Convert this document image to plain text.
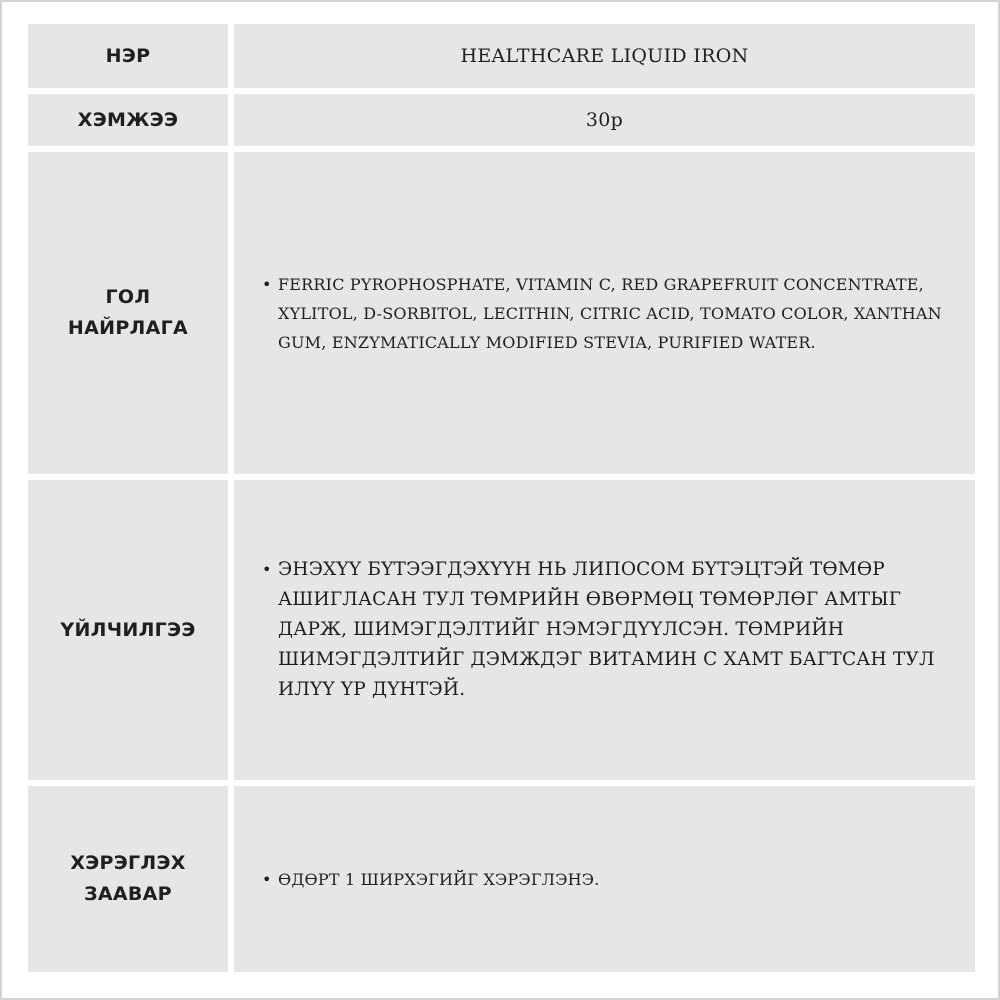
НЭР	HEALTHCARE LIQUID IRON
ХЭМЖЭЭ	30р
ГОЛ
НАЙРЛАГА
• FERRIC PYROPHOSPHATE, VITAMIN C, RED GRAPEFRUIT CONCENTRATE, XYLITOL, D-SORBITOL, LECITHIN, CITRIC ACID, TOMATO COLOR, XANTHAN GUM, ENZYMATICALLY MODIFIED STEVIA, PURIFIED WATER.
ҮЙЛЧИЛГЭЭ
• ЭНЭХҮҮ БҮТЭЭГДЭХҮҮН НЬ ЛИПОСОМ БҮТЭЦТЭЙ ТӨМӨР АШИГЛАСАН ТУЛ ТӨМРИЙН ӨВӨРМӨЦ ТӨМӨРЛӨГ АМТЫГ ДАРЖ, ШИМЭГДЭЛТИЙГ НЭМЭГДҮҮЛСЭН. ТӨМРИЙН ШИМЭГДЭЛТИЙГ ДЭМЖДЭГ ВИТАМИН С ХАМТ БАГТСАН ТУЛ ИЛҮҮ ҮР ДҮНТЭЙ.
ХЭРЭГЛЭХ
ЗААВАР
• ӨДӨРТ 1 ШИРХЭГИЙГ ХЭРЭГЛЭНЭ.
